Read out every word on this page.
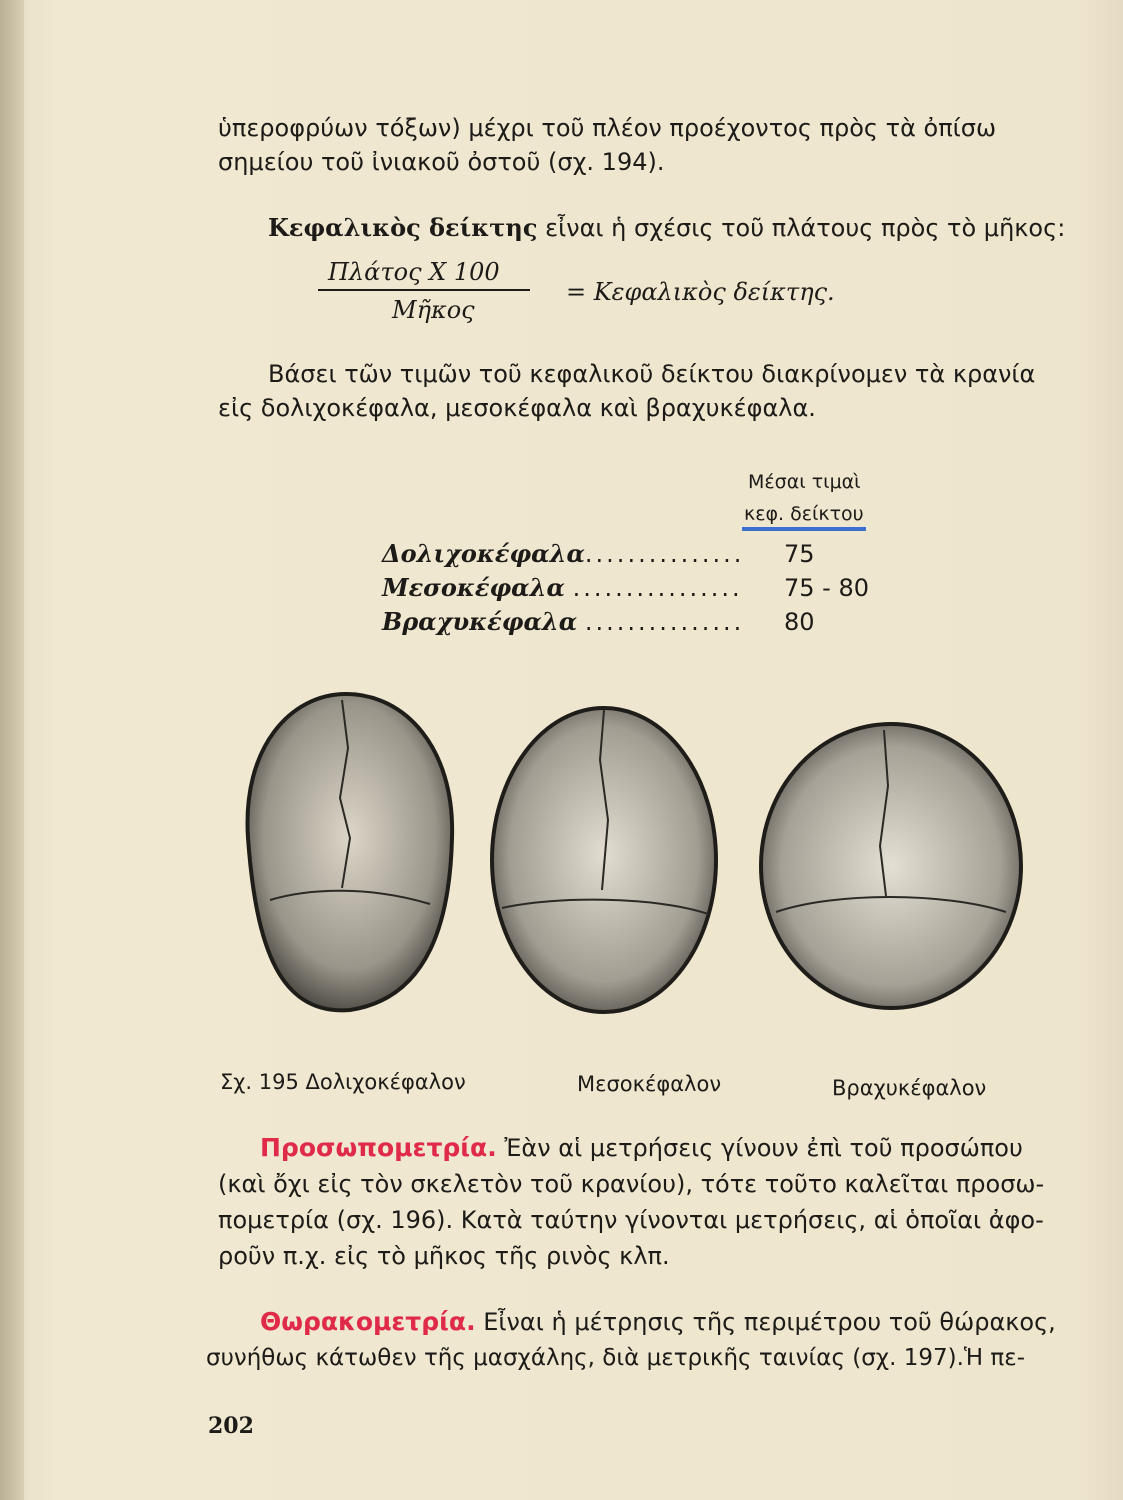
ὑπεροφρύων τόξων) μέχρι τοῦ πλέον προέχοντος πρὸς τὰ ὀπίσω
σημείου τοῦ ἰνιακοῦ ὀστοῦ (σχ. 194).
Κεφαλικὸς δείκτης εἶναι ἡ σχέσις τοῦ πλάτους πρὸς τὸ μῆκος:
Πλάτος Χ 100
Μῆκος
= Κεφαλικὸς δείκτης.
Βάσει τῶν τιμῶν τοῦ κεφαλικοῦ δείκτου διακρίνομεν τὰ κρανία
εἰς δολιχοκέφαλα, μεσοκέφαλα καὶ βραχυκέφαλα.
Μέσαι τιμαὶ
κεφ. δείκτου
Δολιχοκέφαλα............... 75
Μεσοκέφαλα ................ 75 - 80
Βραχυκέφαλα ............... 80
Σχ. 195 Δολιχοκέφαλον	Μεσοκέφαλον	Βραχυκέφαλον
Προσωπομετρία. Ἐὰν αἱ μετρήσεις γίνουν ἐπὶ τοῦ προσώπου
(καὶ ὄχι εἰς τὸν σκελετὸν τοῦ κρανίου), τότε τοῦτο καλεῖται προσω-
πομετρία (σχ. 196). Κατὰ ταύτην γίνονται μετρήσεις, αἱ ὁποῖαι ἀφο-
ροῦν π.χ. εἰς τὸ μῆκος τῆς ρινὸς κλπ.
Θωρακομετρία. Εἶναι ἡ μέτρησις τῆς περιμέτρου τοῦ θώρακος,
συνήθως κάτωθεν τῆς μασχάλης, διὰ μετρικῆς ταινίας (σχ. 197).Ἡ πε-
202
